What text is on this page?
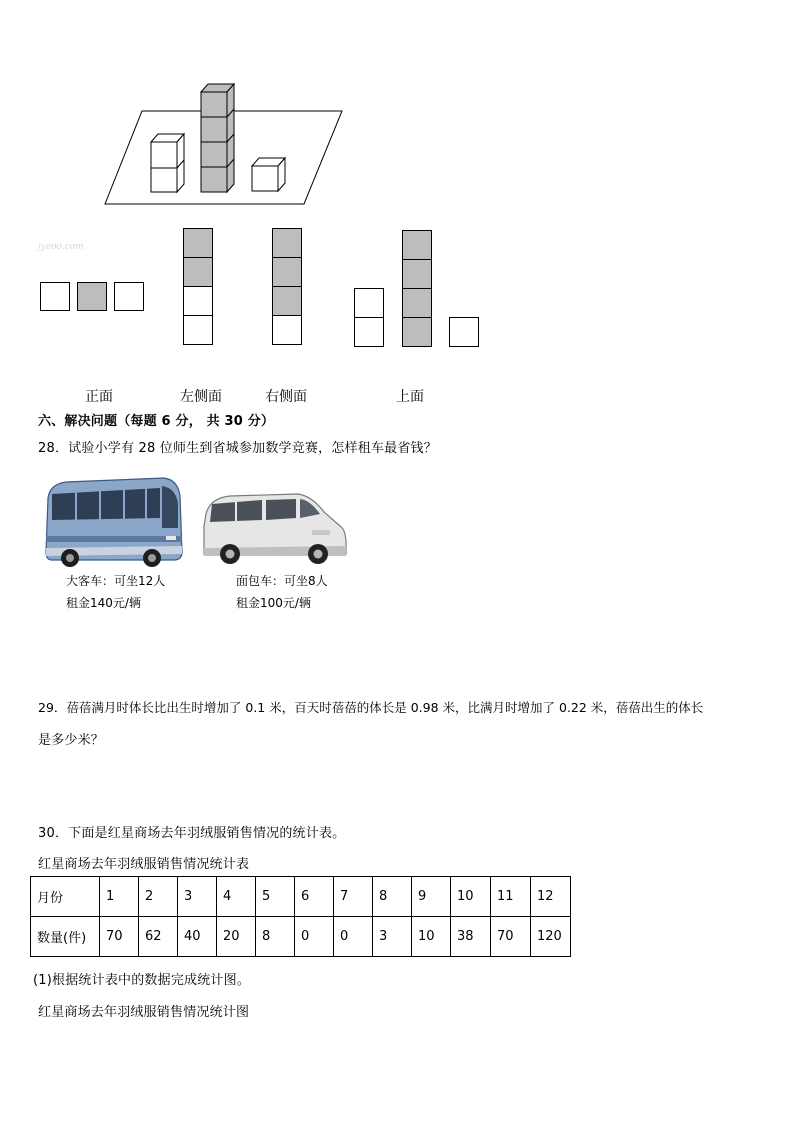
jyeoo.com
正面	左侧面	右侧面	上面
六、解决问题（每题 6 分， 共 30 分）
28．试验小学有 28 位师生到省城参加数学竞赛，怎样租车最省钱？
大客车：可坐12人
租金140元/辆
面包车：可坐8人
租金100元/辆
29．蓓蓓满月时体长比出生时增加了 0.1 米，百天时蓓蓓的体长是 0.98 米，比满月时增加了 0.22 米，蓓蓓出生的体长
是多少米？
30．下面是红星商场去年羽绒服销售情况的统计表。
红星商场去年羽绒服销售情况统计表
月份	1	2	3	4	5	6	7	8	9	10	11	12
数量(件)	70	62	40	20	8	0	0	3	10	38	70	120
(1)根据统计表中的数据完成统计图。
红星商场去年羽绒服销售情况统计图
